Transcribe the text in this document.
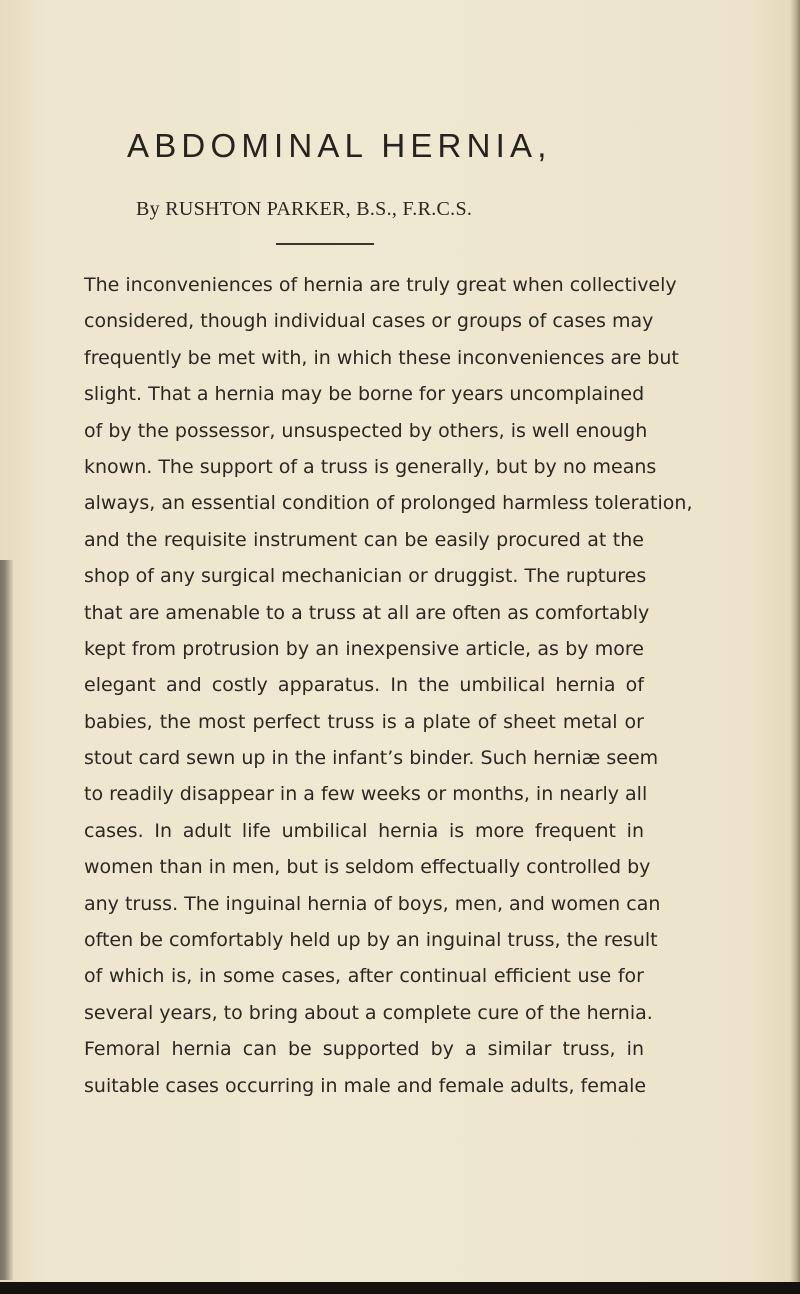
ABDOMINAL HERNIA,

By RUSHTON PARKER, B.S., F.R.C.S.

The inconveniences of hernia are truly great when collectively
considered, though individual cases or groups of cases may
frequently be met with, in which these inconveniences are but
slight. That a hernia may be borne for years uncomplained
of by the possessor, unsuspected by others, is well enough
known. The support of a truss is generally, but by no means
always, an essential condition of prolonged harmless toleration,
and the requisite instrument can be easily procured at the
shop of any surgical mechanician or druggist. The ruptures
that are amenable to a truss at all are often as comfortably
kept from protrusion by an inexpensive article, as by more
elegant and costly apparatus. In the umbilical hernia of
babies, the most perfect truss is a plate of sheet metal or
stout card sewn up in the infant’s binder. Such herniæ seem
to readily disappear in a few weeks or months, in nearly all
cases. In adult life umbilical hernia is more frequent in
women than in men, but is seldom effectually controlled by
any truss. The inguinal hernia of boys, men, and women can
often be comfortably held up by an inguinal truss, the result
of which is, in some cases, after continual efficient use for
several years, to bring about a complete cure of the hernia.
Femoral hernia can be supported by a similar truss, in
suitable cases occurring in male and female adults, female
